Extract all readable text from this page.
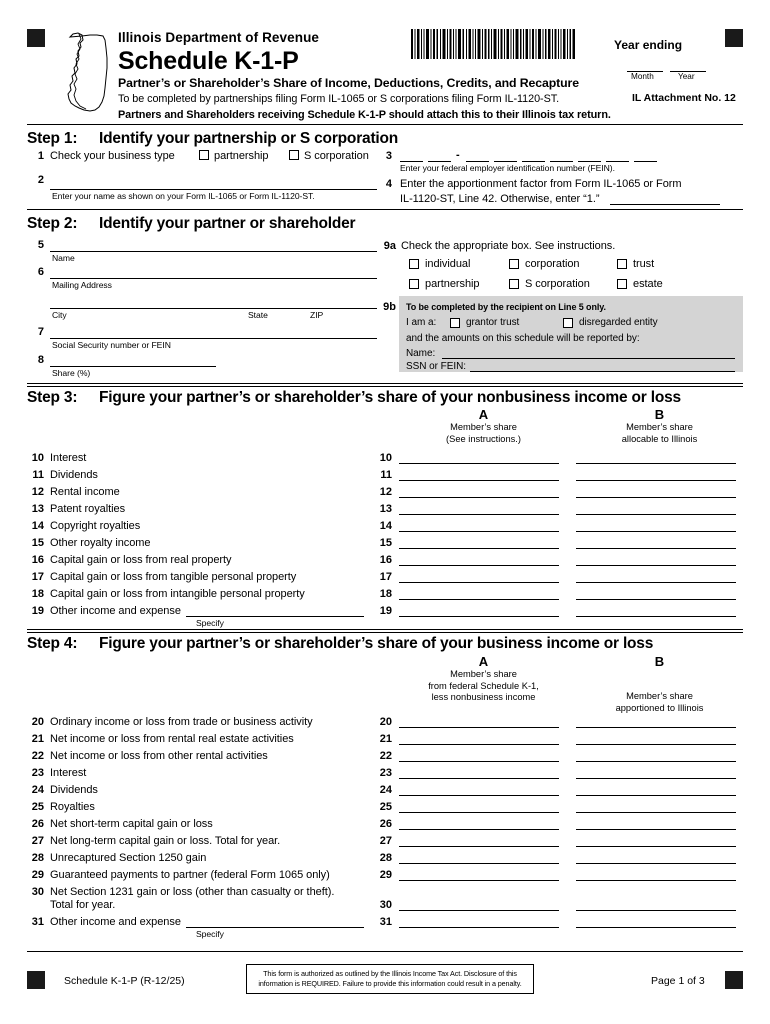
Illinois Department of Revenue
Schedule K-1-P
Partner’s or Shareholder’s Share of Income, Deductions, Credits, and Recapture
To be completed by partnerships filing Form IL-1065 or S corporations filing Form IL-1120-ST.
Partners and Shareholders receiving Schedule K-1-P should attach this to their Illinois tax return.
Year ending
Month	Year
IL Attachment No. 12
Step 1: Identify your partnership or S corporation
1 Check your business type	partnership	S corporation
2
Enter your name as shown on your Form IL-1065 or Form IL-1120-ST.
3	-
Enter your federal employer identification number (FEIN).
4 Enter the apportionment factor from Form IL-1065 or Form
IL-1120-ST, Line 42. Otherwise, enter “1.”
Step 2: Identify your partner or shareholder
5
Name
6
Mailing Address
City	State	ZIP
7
Social Security number or FEIN
8
Share (%)
9a Check the appropriate box. See instructions.
individual	corporation	trust
partnership	S corporation	estate
9b To be completed by the recipient on Line 5 only.
I am a:	grantor trust	disregarded entity
and the amounts on this schedule will be reported by:
Name:
SSN or FEIN:
Step 3: Figure your partner’s or shareholder’s share of your nonbusiness income or loss
A
Member’s share
(See instructions.)
B
Member’s share
allocable to Illinois
10 Interest	10
11 Dividends	11
12 Rental income	12
13 Patent royalties	13
14 Copyright royalties	14
15 Other royalty income	15
16 Capital gain or loss from real property	16
17 Capital gain or loss from tangible personal property	17
18 Capital gain or loss from intangible personal property	18
19 Other income and expense
Specify
19
Step 4: Figure your partner’s or shareholder’s share of your business income or loss
A
Member’s share
from federal Schedule K-1,
less nonbusiness income
B
Member’s share
apportioned to Illinois
20 Ordinary income or loss from trade or business activity	20
21 Net income or loss from rental real estate activities	21
22 Net income or loss from other rental activities	22
23 Interest	23
24 Dividends	24
25 Royalties	25
26 Net short-term capital gain or loss	26
27 Net long-term capital gain or loss. Total for year.	27
28 Unrecaptured Section 1250 gain	28
29 Guaranteed payments to partner (federal Form 1065 only)	29
30 Net Section 1231 gain or loss (other than casualty or theft).
Total for year.	30
31 Other income and expense
Specify
31
Schedule K-1-P (R-12/25)
This form is authorized as outlined by the Illinois Income Tax Act. Disclosure of this
information is REQUIRED. Failure to provide this information could result in a penalty.	Page 1 of 3
